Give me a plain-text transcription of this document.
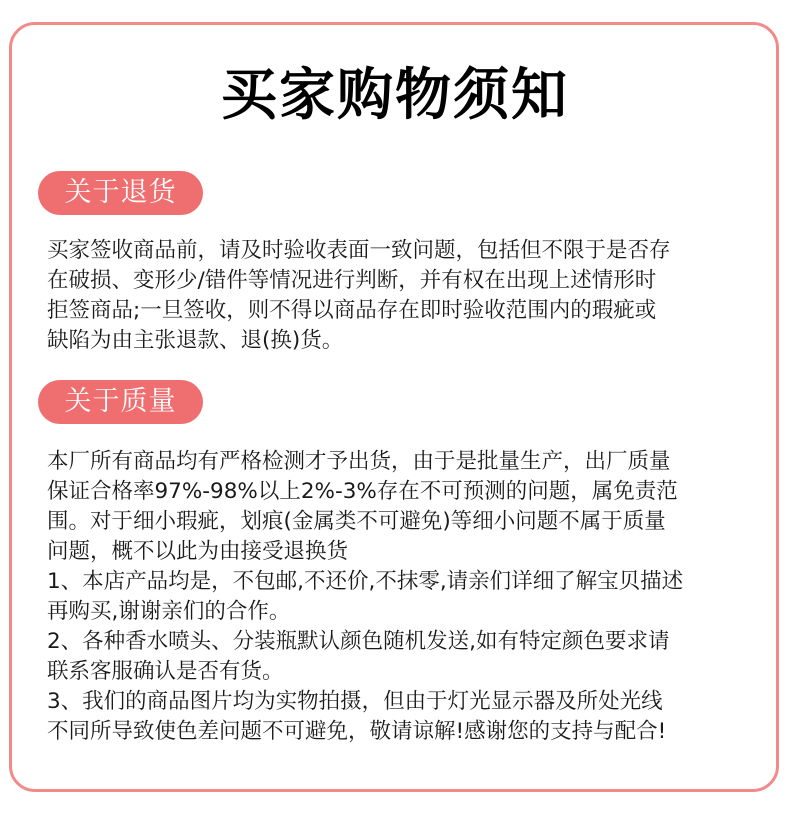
买家购物须知
关于退货
买家签收商品前，请及时验收表面一致问题，包括但不限于是否存
在破损、变形少/错件等情况进行判断，并有权在出现上述情形时
拒签商品;一旦签收，则不得以商品存在即时验收范围内的瑕疵或
缺陷为由主张退款、退(换)货。
关于质量
本厂所有商品均有严格检测才予出货，由于是批量生产，出厂质量
保证合格率97%-98%以上2%-3%存在不可预测的问题，属免责范
围。对于细小瑕疵，划痕(金属类不可避免)等细小问题不属于质量
问题，概不以此为由接受退换货
1、本店产品均是，不包邮,不还价,不抹零,请亲们详细了解宝贝描述
再购买,谢谢亲们的合作。
2、各种香水喷头、分装瓶默认颜色随机发送,如有特定颜色要求请
联系客服确认是否有货。
3、我们的商品图片均为实物拍摄，但由于灯光显示器及所处光线
不同所导致使色差问题不可避免，敬请谅解!感谢您的支持与配合!
